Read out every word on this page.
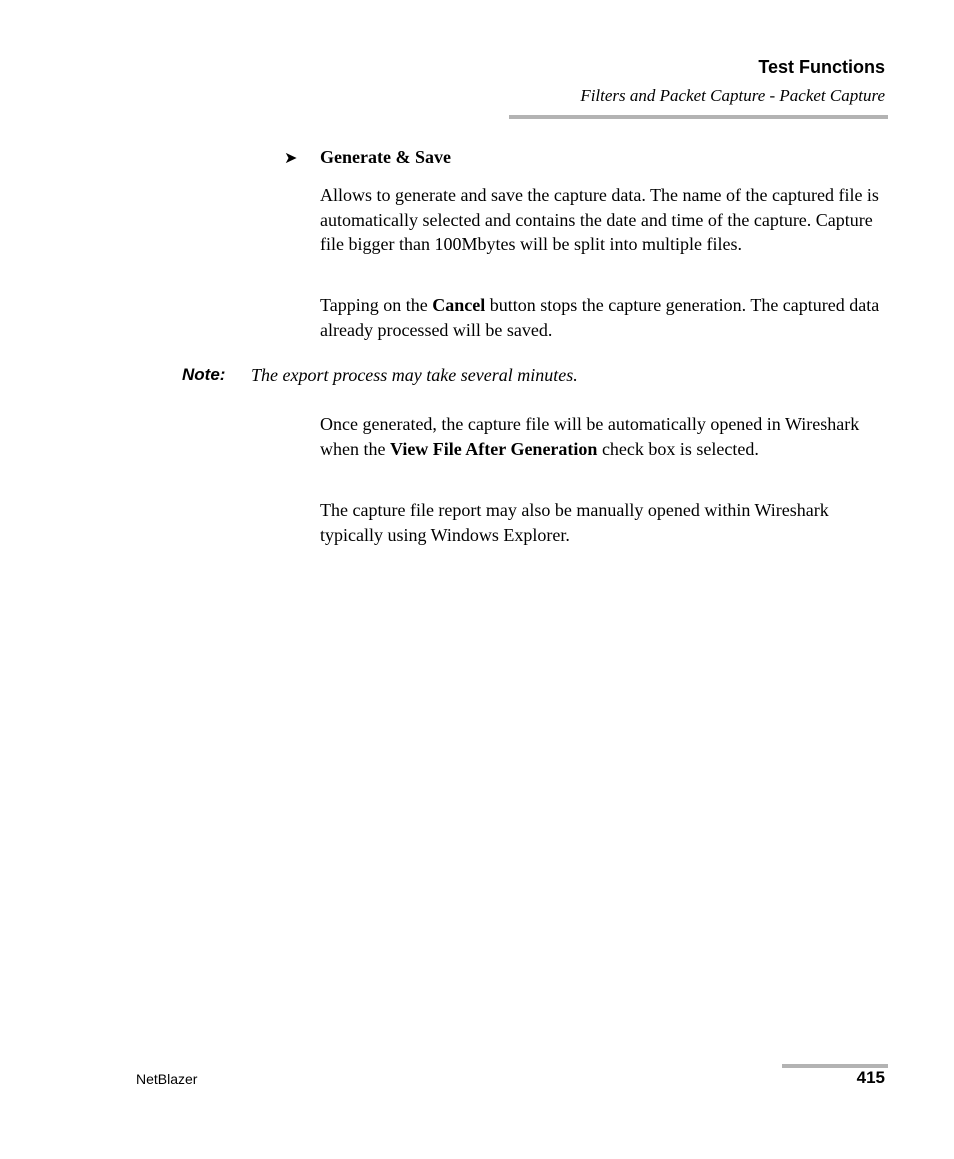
Test Functions
Filters and Packet Capture - Packet Capture
➤ Generate & Save

Allows to generate and save the capture data. The name of the captured file is automatically selected and contains the date and time of the capture. Capture file bigger than 100Mbytes will be split into multiple files.

Tapping on the Cancel button stops the capture generation. The captured data already processed will be saved.

Note: The export process may take several minutes.

Once generated, the capture file will be automatically opened in Wireshark when the View File After Generation check box is selected.

The capture file report may also be manually opened within Wireshark typically using Windows Explorer.

NetBlazer	415
